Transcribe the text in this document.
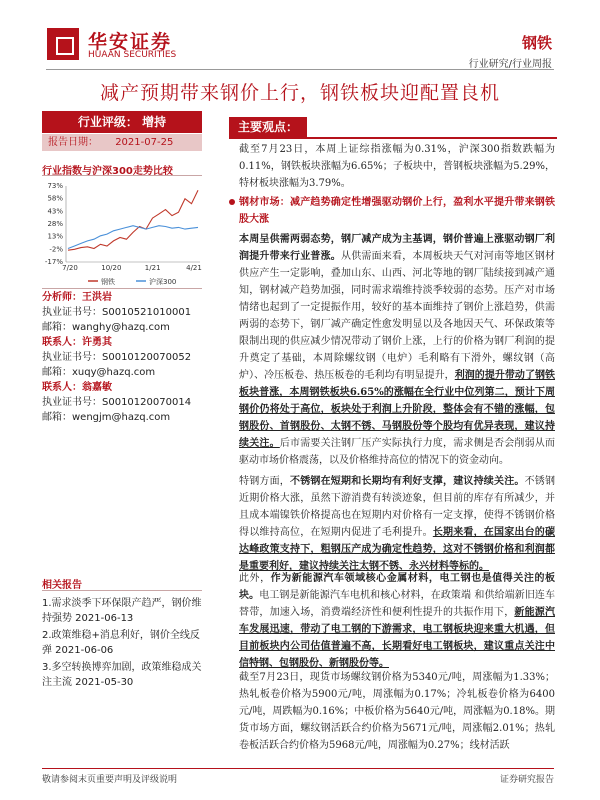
华安证券
HUAAN SECURITIES
钢铁
行业研究/行业周报
减产预期带来钢价上行，钢铁板块迎配置良机
行业评级： 增持
报告日期： 2021-07-25
行业指数与沪深300走势比较
73%
58%
43%
28%
13%
-2%
-17%
7/20	10/20	1/21	4/21
钢铁	沪深300
分析师：王洪岩
执业证书号：S0010521010001
邮箱：wanghy@hazq.com
联系人：许勇其
执业证书号：S0010120070052
邮箱：xuqy@hazq.com
联系人：翁嘉敏
执业证书号：S0010120070014
邮箱：wengjm@hazq.com
相关报告
1.需求淡季下环保限产趋严，钢价维持强势 2021-06-13
2.政策维稳+消息利好，钢价全线反弹 2021-06-06
3.多空转换博弈加剧，政策维稳成关注主流 2021-05-30
主要观点：
截至7月23日，本周上证综指涨幅为0.31%，沪深300指数跌幅为0.11%，钢铁板块涨幅为6.65%；子板块中，普钢板块涨幅为5.29%，特材板块涨幅为3.79%。
钢材市场：减产趋势确定性增强驱动钢价上行，盈利水平提升带来钢铁股大涨
本周呈供需两弱态势，钢厂减产成为主基调，钢价普遍上涨驱动钢厂利润提升带来行业普涨。从供需面来看，本周板块天气对河南等地区钢材供应产生一定影响，叠加山东、山西、河北等地的钢厂陆续接到减产通知，钢材减产趋势加强，同时需求端维持淡季较弱的态势。压产对市场情绪也起到了一定提振作用，较好的基本面维持了钢价上涨趋势，供需两弱的态势下，钢厂减产确定性愈发明显以及各地因天气、环保政策等限制出现的供应减少情况带动了钢价上涨，上行的价格为钢厂利润的提升奠定了基础，本周除螺纹钢（电炉）毛利略有下滑外，螺纹钢（高炉）、冷压板卷、热压板卷的毛利均有明显提升，利润的提升带动了钢铁板块普涨，本周钢铁板块6.65%的涨幅在全行业中位列第二，预计下周钢价仍将处于高位，板块处于利润上升阶段，整体会有不错的涨幅，包钢股份、首钢股份、太钢不锈、马钢股份等个股均有优异表现，建议持续关注。后市需要关注钢厂压产实际执行力度，需求侧是否会削弱从而驱动市场价格震荡，以及价格维持高位的情况下的资金动向。
特钢方面，不锈钢在短期和长期均有利好支撑，建议持续关注。不锈钢近期价格大涨，虽然下游消费有转淡迹象，但目前的库存有所减少，并且成本端镍铁价格提高也在短期内对价格有一定支撑，使得不锈钢价格得以维持高位，在短期内促进了毛利提升。长期来看，在国家出台的碳达峰政策支持下，粗钢压产成为确定性趋势，这对不锈钢价格和利润都是重要利好，建议持续关注太钢不锈、永兴材料等标的。
此外，作为新能源汽车领域核心金属材料，电工钢也是值得关注的板块。电工钢是新能源汽车电机和核心材料，在政策端 和供给端新旧连车替带，加速入场，消费端经济性和便利性提升的共振作用下，新能源汽车发展迅速，带动了电工钢的下游需求，电工钢板块迎来重大机遇，但目前板块内公司估值普遍不高，长期看好电工钢板块，建议重点关注中信特钢、包钢股份、新钢股份等。
截至7月23日，现货市场螺纹钢价格为5340元/吨，周涨幅为1.33%；热轧板卷价格为5900元/吨，周涨幅为0.17%；冷轧板卷价格为6400元/吨，周跌幅为0.16%；中板价格为5640元/吨，周涨幅为0.18%。期货市场方面，螺纹钢活跃合约价格为5671元/吨，周涨幅2.01%；热轧卷板活跃合约价格为5968元/吨，周涨幅为0.27%；线材活跃
敬请参阅末页重要声明及评级说明	证券研究报告
